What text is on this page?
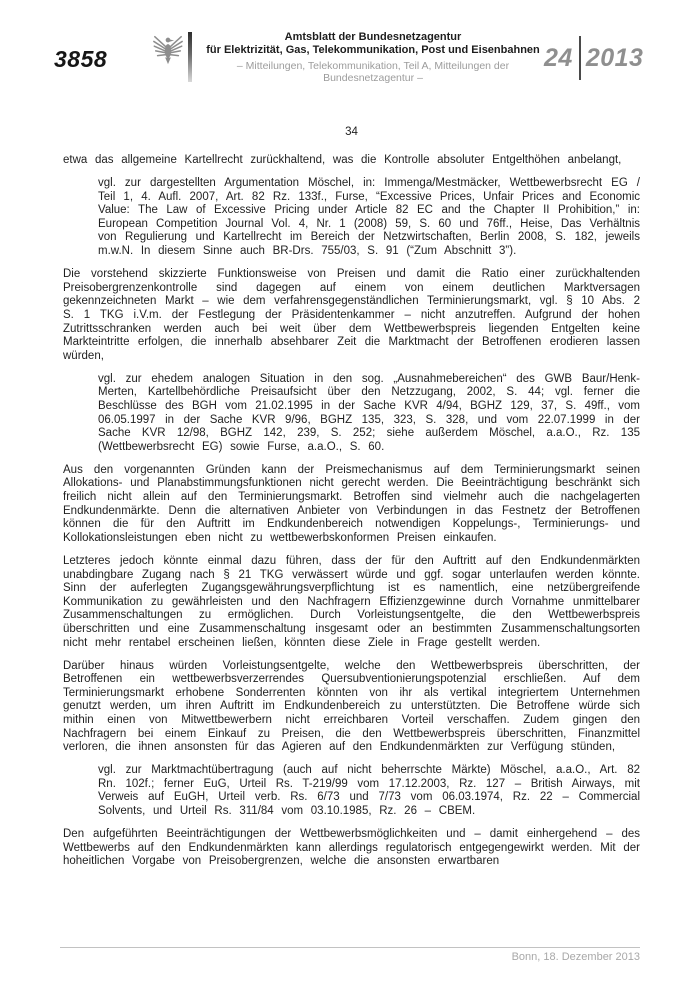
3858
Amtsblatt der Bundesnetzagentur
für Elektrizität, Gas, Telekommunikation, Post und Eisenbahnen
– Mitteilungen, Telekommunikation, Teil A, Mitteilungen der Bundesnetzagentur –
24 2013
34

etwa das allgemeine Kartellrecht zurückhaltend, was die Kontrolle absoluter Entgelthöhen anbelangt,

vgl. zur dargestellten Argumentation Möschel, in: Immenga/Mestmäcker, Wettbewerbsrecht EG / Teil 1, 4. Aufl. 2007, Art. 82 Rz. 133f., Furse, “Excessive Prices, Unfair Prices and Economic Value: The Law of Excessive Pricing under Article 82 EC and the Chapter II Prohibition,” in: European Competition Journal Vol. 4, Nr. 1 (2008) 59, S. 60 und 76ff., Heise, Das Verhältnis von Regulierung und Kartellrecht im Bereich der Netzwirtschaften, Berlin 2008, S. 182, jeweils m.w.N. In diesem Sinne auch BR-Drs. 755/03, S. 91 (“Zum Abschnitt 3”).

Die vorstehend skizzierte Funktionsweise von Preisen und damit die Ratio einer zurückhaltenden Preisobergrenzenkontrolle sind dagegen auf einem von einem deutlichen Marktversagen gekennzeichneten Markt – wie dem verfahrensgegenständlichen Terminierungsmarkt, vgl. § 10 Abs. 2 S. 1 TKG i.V.m. der Festlegung der Präsidentenkammer – nicht anzutreffen. Aufgrund der hohen Zutrittsschranken werden auch bei weit über dem Wettbewerbspreis liegenden Entgelten keine Markteintritte erfolgen, die innerhalb absehbarer Zeit die Marktmacht der Betroffenen erodieren lassen würden,

vgl. zur ehedem analogen Situation in den sog. „Ausnahmebereichen“ des GWB Baur/Henk-Merten, Kartellbehördliche Preisaufsicht über den Netzzugang, 2002, S. 44; vgl. ferner die Beschlüsse des BGH vom 21.02.1995 in der Sache KVR 4/94, BGHZ 129, 37, S. 49ff., vom 06.05.1997 in der Sache KVR 9/96, BGHZ 135, 323, S. 328, und vom 22.07.1999 in der Sache KVR 12/98, BGHZ 142, 239, S. 252; siehe außerdem Möschel, a.a.O., Rz. 135 (Wettbewerbsrecht EG) sowie Furse, a.a.O., S. 60.

Aus den vorgenannten Gründen kann der Preismechanismus auf dem Terminierungsmarkt seinen Allokations- und Planabstimmungsfunktionen nicht gerecht werden. Die Beeinträchtigung beschränkt sich freilich nicht allein auf den Terminierungsmarkt. Betroffen sind vielmehr auch die nachgelagerten Endkundenmärkte. Denn die alternativen Anbieter von Verbindungen in das Festnetz der Betroffenen können die für den Auftritt im Endkundenbereich notwendigen Koppelungs-, Terminierungs- und Kollokationsleistungen eben nicht zu wettbewerbskonformen Preisen einkaufen.

Letzteres jedoch könnte einmal dazu führen, dass der für den Auftritt auf den Endkundenmärkten unabdingbare Zugang nach § 21 TKG verwässert würde und ggf. sogar unterlaufen werden könnte. Sinn der auferlegten Zugangsgewährungsverpflichtung ist es namentlich, eine netzübergreifende Kommunikation zu gewährleisten und den Nachfragern Effizienzgewinne durch Vornahme unmittelbarer Zusammenschaltungen zu ermöglichen. Durch Vorleistungsentgelte, die den Wettbewerbspreis überschritten und eine Zusammenschaltung insgesamt oder an bestimmten Zusammenschaltungsorten nicht mehr rentabel erscheinen ließen, könnten diese Ziele in Frage gestellt werden.

Darüber hinaus würden Vorleistungsentgelte, welche den Wettbewerbspreis überschritten, der Betroffenen ein wettbewerbsverzerrendes Quersubventionierungspotenzial erschließen. Auf dem Terminierungsmarkt erhobene Sonderrenten könnten von ihr als vertikal integriertem Unternehmen genutzt werden, um ihren Auftritt im Endkundenbereich zu unterstützten. Die Betroffene würde sich mithin einen von Mitwettbewerbern nicht erreichbaren Vorteil verschaffen. Zudem gingen den Nachfragern bei einem Einkauf zu Preisen, die den Wettbewerbspreis überschritten, Finanzmittel verloren, die ihnen ansonsten für das Agieren auf den Endkundenmärkten zur Verfügung stünden,

vgl. zur Marktmachtübertragung (auch auf nicht beherrschte Märkte) Möschel, a.a.O., Art. 82 Rn. 102f.; ferner EuG, Urteil Rs. T-219/99 vom 17.12.2003, Rz. 127 – British Airways, mit Verweis auf EuGH, Urteil verb. Rs. 6/73 und 7/73 vom 06.03.1974, Rz. 22 – Commercial Solvents, und Urteil Rs. 311/84 vom 03.10.1985, Rz. 26 – CBEM.

Den aufgeführten Beeinträchtigungen der Wettbewerbsmöglichkeiten und – damit einhergehend – des Wettbewerbs auf den Endkundenmärkten kann allerdings regulatorisch entgegengewirkt werden. Mit der hoheitlichen Vorgabe von Preisobergrenzen, welche die ansonsten erwartbaren

Bonn, 18. Dezember 2013
